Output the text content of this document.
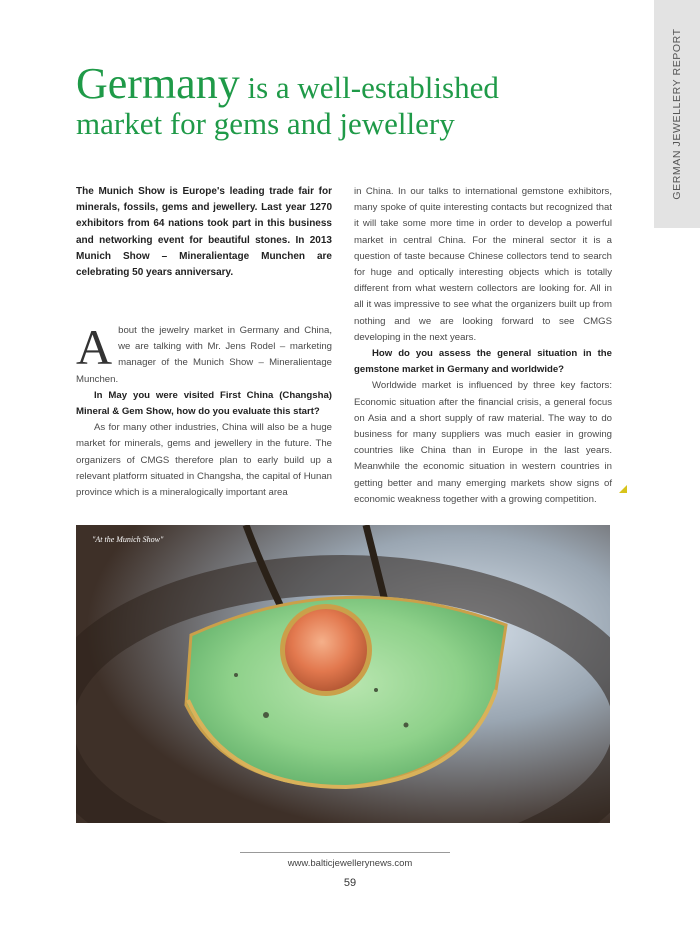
GERMAN JEWELLERY REPORT
Germany is a well-established
market for gems and jewellery

The Munich Show is Europe's leading trade fair for minerals, fossils, gems and jewellery. Last year 1270 exhibitors from 64 nations took part in this business and networking event for beautiful stones. In 2013 Munich Show – Mineralientage Munchen are celebrating 50 years anniversary.

About the jewelry market in Germany and China, we are talking with Mr. Jens Rodel – marketing manager of the Munich Show – Mineralientage Munchen.

In May you were visited First China (Changsha) Mineral & Gem Show, how do you evaluate this start?

As for many other industries, China will also be a huge market for minerals, gems and jewellery in the future. The organizers of CMGS therefore plan to early build up a relevant platform situated in Changsha, the capital of Hunan province which is a mineralogically important area

in China. In our talks to international gemstone exhibitors, many spoke of quite interesting contacts but recognized that it will take some more time in order to develop a powerful market in central China. For the mineral sector it is a question of taste because Chinese collectors tend to search for huge and optically interesting objects which is totally different from what western collectors are looking for. All in all it was impressive to see what the organizers built up from nothing and we are looking forward to see CMGS developing in the next years.

How do you assess the general situation in the gemstone market in Germany and worldwide?

Worldwide market is influenced by three key factors: Economic situation after the financial crisis, a general focus on Asia and a short supply of raw material. The way to do business for many suppliers was much easier in growing countries like China than in Europe in the last years. Meanwhile the economic situation in western countries in getting better and many emerging markets show signs of economic weakness together with a growing competition.

"At the Munich Show"
www.balticjewellerynews.com
59
